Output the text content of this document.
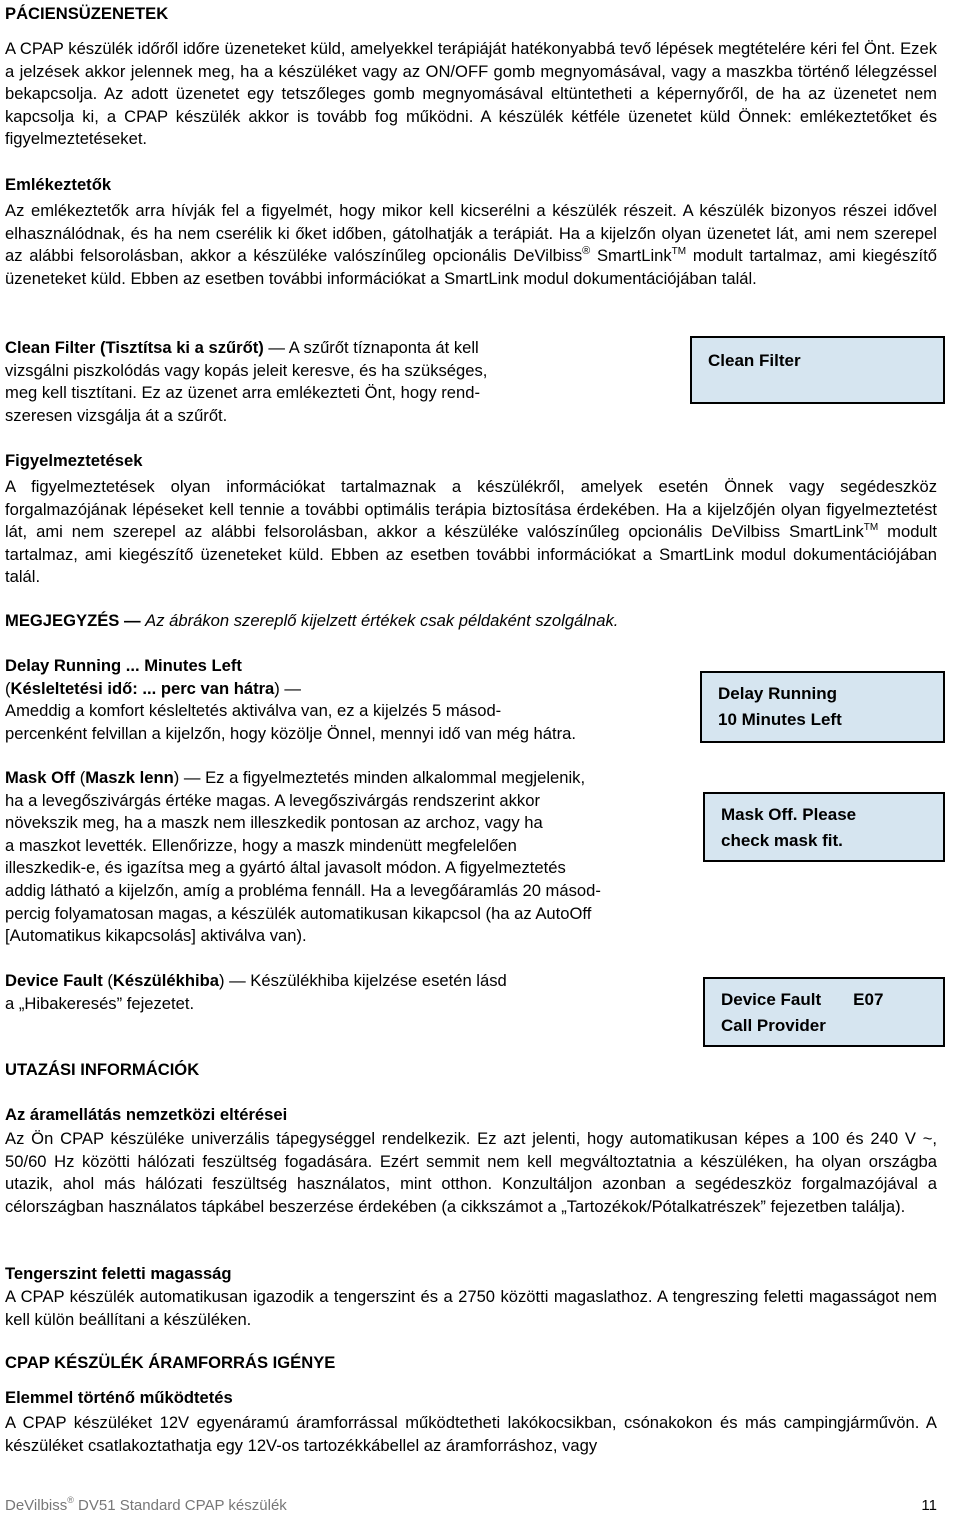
PÁCIENSÜZENETEK
A CPAP készülék időről időre üzeneteket küld, amelyekkel terápiáját hatékonyabbá tevő lépések megtételére kéri fel Önt. Ezek a jelzések akkor jelennek meg, ha a készüléket vagy az ON/OFF gomb megnyomásával, vagy a maszkba történő lélegzéssel bekapcsolja. Az adott üzenetet egy tetszőleges gomb megnyomásával eltüntetheti a képernyőről, de ha az üzenetet nem kapcsolja ki, a CPAP készülék akkor is tovább fog működni. A készülék kétféle üzenetet küld Önnek: emlékeztetőket és figyelmeztetéseket.
Emlékeztetők
Az emlékeztetők arra hívják fel a figyelmét, hogy mikor kell kicserélni a készülék részeit. A készülék bizonyos részei idővel elhasználódnak, és ha nem cserélik ki őket időben, gátolhatják a terápiát. Ha a kijelzőn olyan üzenetet lát, ami nem szerepel az alábbi felsorolásban, akkor a készüléke valószínűleg opcionális DeVilbiss® SmartLink™ modult tartalmaz, ami kiegészítő üzeneteket küld. Ebben az esetben további információkat a SmartLink modul dokumentációjában talál.
Clean Filter (Tisztítsa ki a szűrőt) — A szűrőt tíznaponta át kell
vizsgálni piszkolódás vagy kopás jeleit keresve, és ha szükséges,
meg kell tisztítani. Ez az üzenet arra emlékezteti Önt, hogy rend-
szeresen vizsgálja át a szűrőt.
Clean Filter
Figyelmeztetések
A figyelmeztetések olyan információkat tartalmaznak a készülékről, amelyek esetén Önnek vagy segédeszköz forgalmazójának lépéseket kell tennie a további optimális terápia biztosítása érdekében. Ha a kijelzőjén olyan figyelmeztetést lát, ami nem szerepel az alábbi felsorolásban, akkor a készüléke valószínűleg opcionális DeVilbiss SmartLink™ modult tartalmaz, ami kiegészítő üzeneteket küld. Ebben az esetben további információkat a SmartLink modul dokumentációjában talál.
MEGJEGYZÉS — Az ábrákon szereplő kijelzett értékek csak példaként szolgálnak.
Delay Running ... Minutes Left
(Késleltetési idő: ... perc van hátra) —
Ameddig a komfort késleltetés aktiválva van, ez a kijelzés 5 másod-
percenként felvillan a kijelzőn, hogy közölje Önnel, mennyi idő van még hátra.
Delay Running
10 Minutes Left
Mask Off (Maszk lenn) — Ez a figyelmeztetés minden alkalommal megjelenik,
ha a levegőszivárgás értéke magas. A levegőszivárgás rendszerint akkor
növekszik meg, ha a maszk nem illeszkedik pontosan az archoz, vagy ha
a maszkot levették. Ellenőrizze, hogy a maszk mindenütt megfelelően
illeszkedik-e, és igazítsa meg a gyártó által javasolt módon. A figyelmeztetés
addig látható a kijelzőn, amíg a probléma fennáll. Ha a levegőáramlás 20 másod-
percig folyamatosan magas, a készülék automatikusan kikapcsol (ha az AutoOff
[Automatikus kikapcsolás] aktiválva van).
Mask Off. Please
check mask fit.
Device Fault (Készülékhiba) — Készülékhiba kijelzése esetén lásd
a „Hibakeresés” fejezetet.	Device Fault E07
Call Provider
UTAZÁSI INFORMÁCIÓK
Az áramellátás nemzetközi eltérései
Az Ön CPAP készüléke univerzális tápegységgel rendelkezik. Ez azt jelenti, hogy automatikusan képes a 100 és 240 V ~, 50/60 Hz közötti hálózati feszültség fogadására. Ezért semmit nem kell megváltoztatnia a készüléken, ha olyan országba utazik, ahol más hálózati feszültség használatos, mint otthon. Konzultáljon azonban a segédeszköz forgalmazójával a célországban használatos tápkábel beszerzése érdekében (a cikkszámot a „Tartozékok/Pótalkatrészek” fejezetben találja).
Tengerszint feletti magasság
A CPAP készülék automatikusan igazodik a tengerszint és a 2750 közötti magaslathoz. A tengreszing feletti magasságot nem kell külön beállítani a készüléken.
CPAP KÉSZÜLÉK ÁRAMFORRÁS IGÉNYE
Elemmel történő működtetés
A CPAP készüléket 12V egyenáramú áramforrással működtetheti lakókocsikban, csónakokon és más campingjárművön. A készüléket csatlakoztathatja egy 12V-os tartozékkábellel az áramforráshoz, vagy
DeVilbiss® DV51 Standard CPAP készülék	11
